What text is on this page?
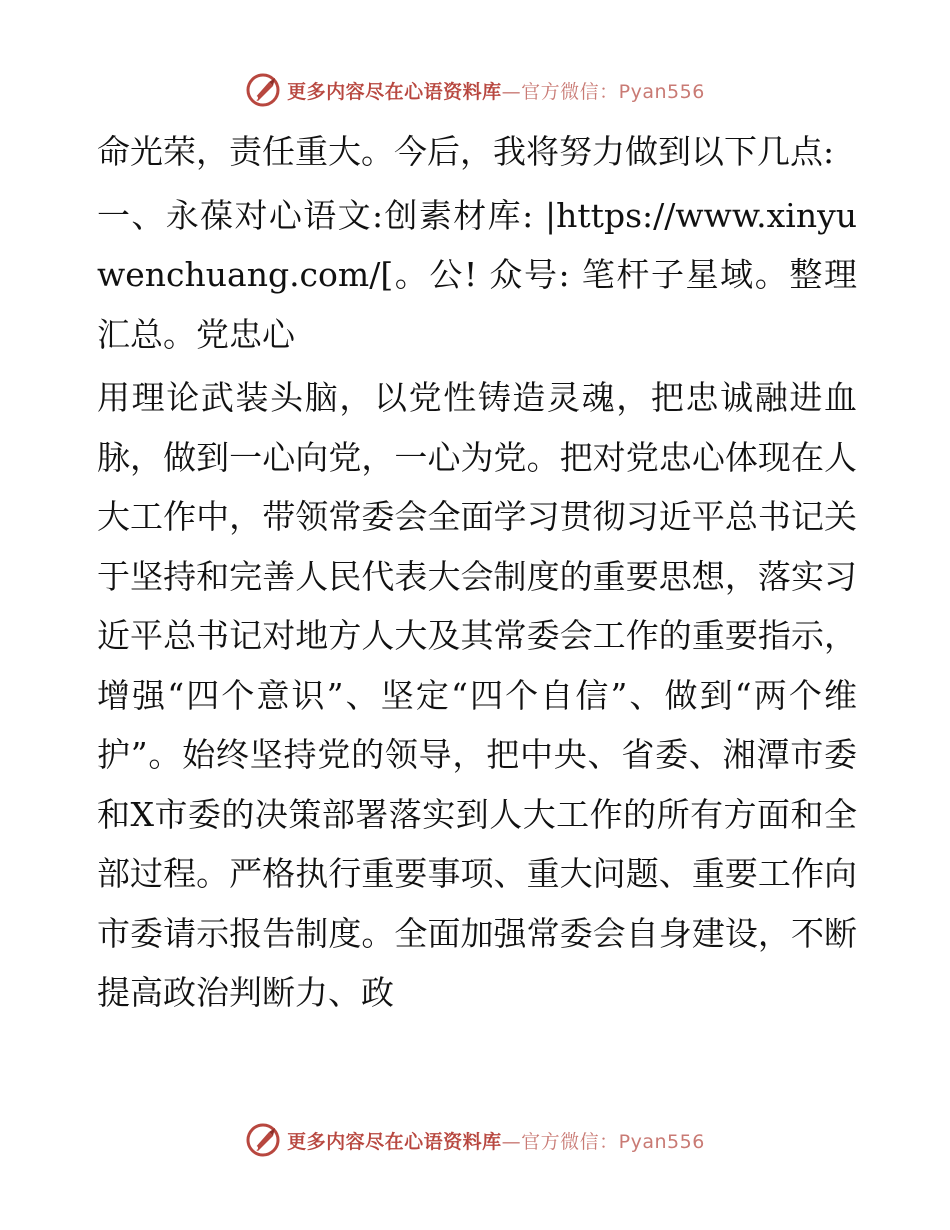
更多内容尽在心语资料库—官方微信：Pyan556

命光荣，责任重大。今后，我将努力做到以下几点:

一、永葆对心语文:创素材库: |https://www.xinyuwenchuang.com/[。公! 众号: 笔杆子星域。整理汇总。党忠心

用理论武装头脑，以党性铸造灵魂，把忠诚融进血脉，做到一心向党，一心为党。把对党忠心体现在人大工作中，带领常委会全面学习贯彻习近平总书记关于坚持和完善人民代表大会制度的重要思想，落实习近平总书记对地方人大及其常委会工作的重要指示，增强“四个意识”、坚定“四个自信”、做到“两个维护”。始终坚持党的领导，把中央、省委、湘潭市委和X市委的决策部署落实到人大工作的所有方面和全部过程。严格执行重要事项、重大问题、重要工作向市委请示报告制度。全面加强常委会自身建设，不断提高政治判断力、政

更多内容尽在心语资料库—官方微信：Pyan556
